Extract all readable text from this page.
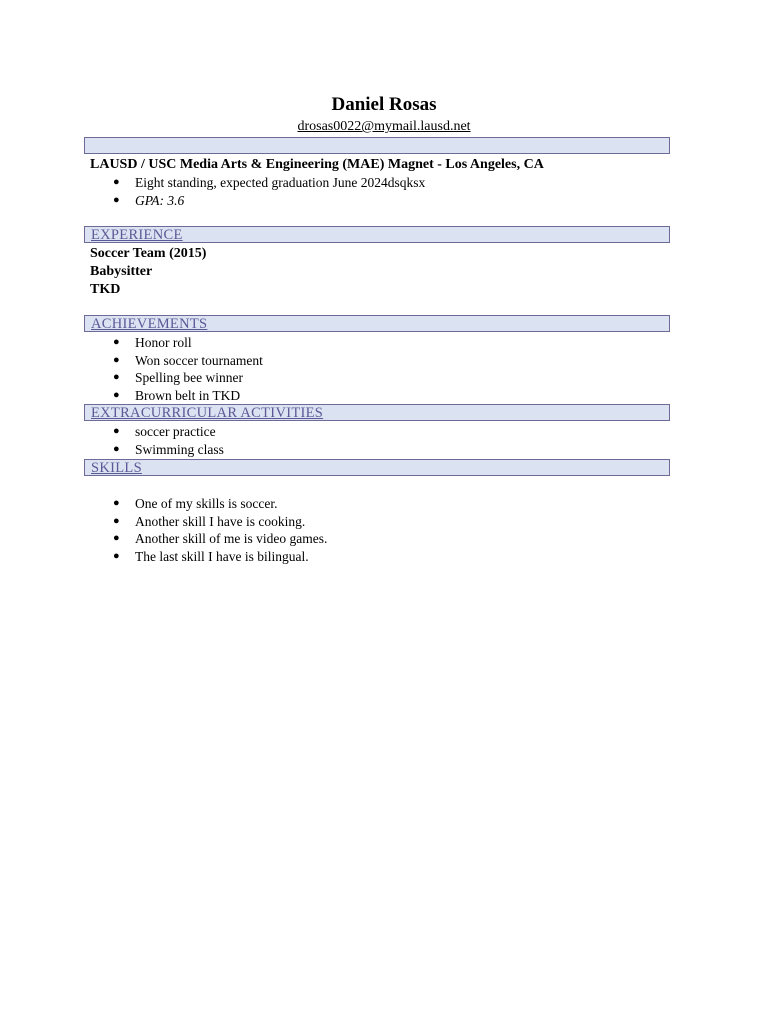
Daniel Rosas
drosas0022@mymail.lausd.net
LAUSD / USC Media Arts & Engineering (MAE) Magnet - Los Angeles, CA
● Eight standing, expected graduation June 2024dsqksx
● GPA: 3.6
EXPERIENCE
Soccer Team (2015)
Babysitter
TKD
ACHIEVEMENTS
● Honor roll
● Won soccer tournament
● Spelling bee winner
● Brown belt in TKD
EXTRACURRICULAR ACTIVITIES
● soccer practice
● Swimming class
SKILLS
● One of my skills is soccer.
● Another skill I have is cooking.
● Another skill of me is video games.
● The last skill I have is bilingual.
